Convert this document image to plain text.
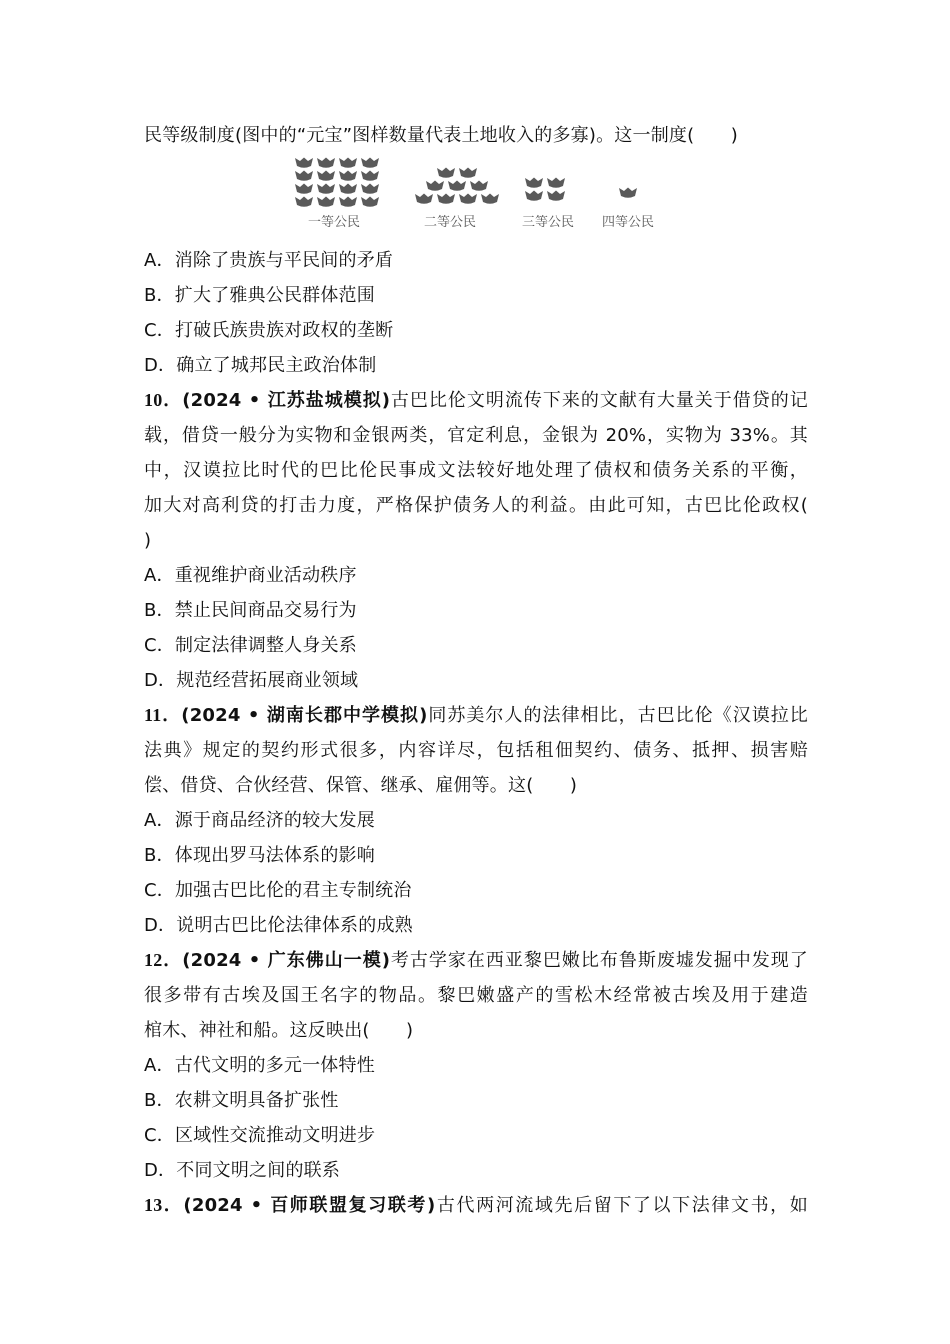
民等级制度(图中的“元宝”图样数量代表土地收入的多寡)。这一制度(　　)
一等公民	二等公民	三等公民 四等公民
A．消除了贵族与平民间的矛盾
B．扩大了雅典公民群体范围
C．打破氏族贵族对政权的垄断
D．确立了城邦民主政治体制
10．(2024 • 江苏盐城模拟)古巴比伦文明流传下来的文献有大量关于借贷的记
载，借贷一般分为实物和金银两类，官定利息，金银为 20%，实物为 33%。其
中，汉谟拉比时代的巴比伦民事成文法较好地处理了债权和债务关系的平衡，
加大对高利贷的打击力度，严格保护债务人的利益。由此可知，古巴比伦政权(
)
A．重视维护商业活动秩序
B．禁止民间商品交易行为
C．制定法律调整人身关系
D．规范经营拓展商业领域
11．(2024 • 湖南长郡中学模拟)同苏美尔人的法律相比，古巴比伦《汉谟拉比
法典》规定的契约形式很多，内容详尽，包括租佃契约、债务、抵押、损害赔
偿、借贷、合伙经营、保管、继承、雇佣等。这(　　)
A．源于商品经济的较大发展
B．体现出罗马法体系的影响
C．加强古巴比伦的君主专制统治
D．说明古巴比伦法律体系的成熟
12．(2024 • 广东佛山一模)考古学家在西亚黎巴嫩比布鲁斯废墟发掘中发现了
很多带有古埃及国王名字的物品。黎巴嫩盛产的雪松木经常被古埃及用于建造
棺木、神社和船。这反映出(　　)
A．古代文明的多元一体特性
B．农耕文明具备扩张性
C．区域性交流推动文明进步
D．不同文明之间的联系
13．(2024 • 百师联盟复习联考)古代两河流域先后留下了以下法律文书，如
